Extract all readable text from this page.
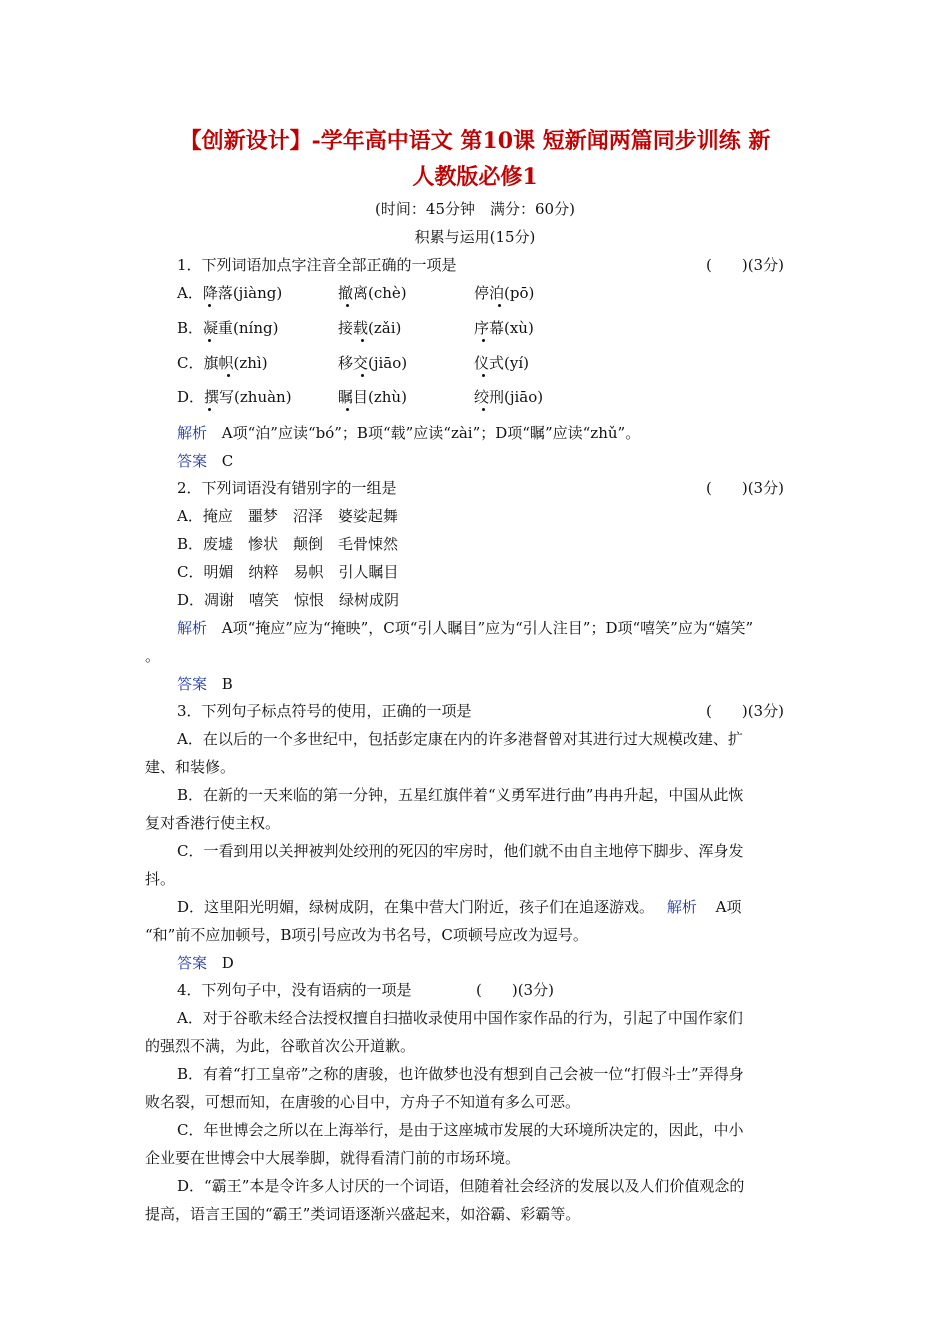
【创新设计】-学年高中语文 第10课 短新闻两篇同步训练 新
人教版必修1
(时间：45分钟　满分：60分)
积累与运用(15分)
1．下列词语加点字注音全部正确的一项是	(　　)(3分)
A．降落(jiàng)	撤离(chè)	停泊(pō)
B．凝重(níng)	接载(zǎi)	序幕(xù)
C．旗帜(zhì)	移交(jiāo)	仪式(yí)
D．撰写(zhuàn)	瞩目(zhù)	绞刑(jiāo)
解析 A项“泊”应读“bó”；B项“载”应读“zài”；D项“瞩”应读“zhǔ”。
答案 C
2．下列词语没有错别字的一组是	(　　)(3分)
A．掩应　噩梦　沼泽　婆娑起舞
B．废墟　惨状　颠倒　毛骨悚然
C．明媚　纳粹　易帜　引人瞩目
D．凋谢　嘻笑　惊恨　绿树成阴
解析 A项“掩应”应为“掩映”，C项“引人瞩目”应为“引人注目”；D项“嘻笑”应为“嬉笑”
。
答案 B
3．下列句子标点符号的使用，正确的一项是	(　　)(3分)
A．在以后的一个多世纪中，包括彭定康在内的许多港督曾对其进行过大规模改建、扩
建、和装修。
B．在新的一天来临的第一分钟，五星红旗伴着“义勇军进行曲”冉冉升起，中国从此恢
复对香港行使主权。
C．一看到用以关押被判处绞刑的死囚的牢房时，他们就不由自主地停下脚步、浑身发
抖。
D．这里阳光明媚，绿树成阴，在集中营大门附近，孩子们在追逐游戏。 解析 A项
“和”前不应加顿号，B项引号应改为书名号，C项顿号应改为逗号。
答案 D
4．下列句子中，没有语病的一项是	(　　)(3分)
A．对于谷歌未经合法授权擅自扫描收录使用中国作家作品的行为，引起了中国作家们
的强烈不满，为此，谷歌首次公开道歉。
B．有着“打工皇帝”之称的唐骏，也许做梦也没有想到自己会被一位“打假斗士”弄得身
败名裂，可想而知，在唐骏的心目中，方舟子不知道有多么可恶。
C．年世博会之所以在上海举行，是由于这座城市发展的大环境所决定的，因此，中小
企业要在世博会中大展拳脚，就得看清门前的市场环境。
D．“霸王”本是令许多人讨厌的一个词语，但随着社会经济的发展以及人们价值观念的
提高，语言王国的“霸王”类词语逐渐兴盛起来，如浴霸、彩霸等。
